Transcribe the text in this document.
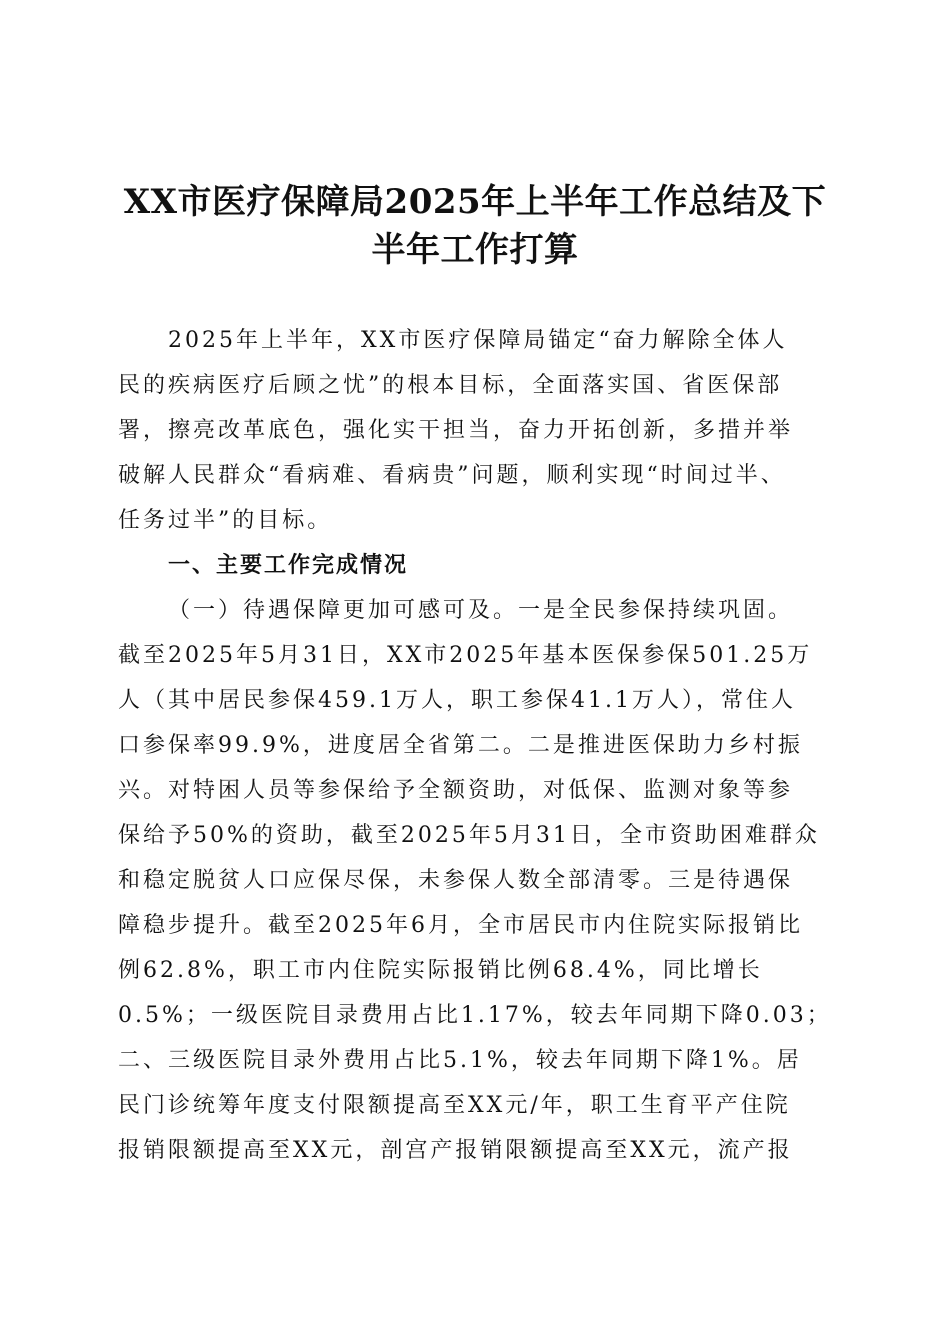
XX市医疗保障局2025年上半年工作总结及下
半年工作打算
2025年上半年，XX市医疗保障局锚定“奋力解除全体人
民的疾病医疗后顾之忧”的根本目标，全面落实国、省医保部
署，擦亮改革底色，强化实干担当，奋力开拓创新，多措并举
破解人民群众“看病难、看病贵”问题，顺利实现“时间过半、
任务过半”的目标。
一、主要工作完成情况
（一）待遇保障更加可感可及。一是全民参保持续巩固。
截至2025年5月31日，XX市2025年基本医保参保501.25万
人（其中居民参保459.1万人，职工参保41.1万人），常住人
口参保率99.9%，进度居全省第二。二是推进医保助力乡村振
兴。对特困人员等参保给予全额资助，对低保、监测对象等参
保给予50%的资助，截至2025年5月31日，全市资助困难群众
和稳定脱贫人口应保尽保，未参保人数全部清零。三是待遇保
障稳步提升。截至2025年6月，全市居民市内住院实际报销比
例62.8%，职工市内住院实际报销比例68.4%，同比增长
0.5%；一级医院目录费用占比1.17%，较去年同期下降0.03；
二、三级医院目录外费用占比5.1%，较去年同期下降1%。居
民门诊统筹年度支付限额提高至XX元/年，职工生育平产住院
报销限额提高至XX元，剖宫产报销限额提高至XX元，流产报
